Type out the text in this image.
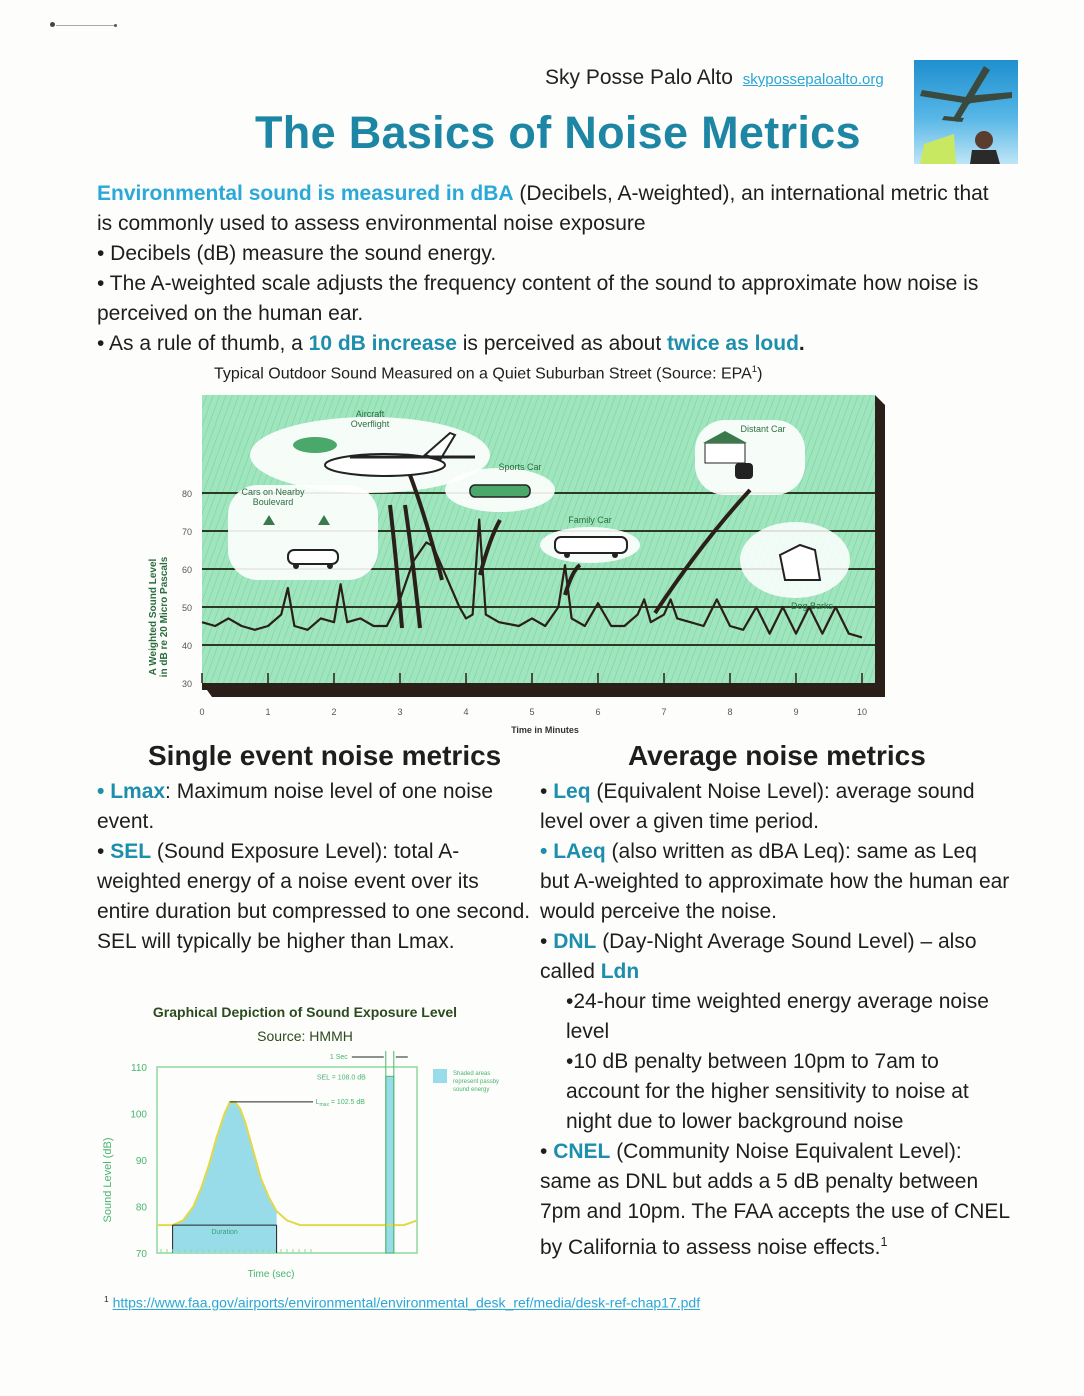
Sky Posse Palo Alto skypossepaloalto.org
The Basics of Noise Metrics

Environmental sound is measured in dBA (Decibels, A-weighted), an international metric that is commonly used to assess environmental noise exposure

• Decibels (dB) measure the sound energy.

• The A-weighted scale adjusts the frequency content of the sound to approximate how noise is perceived on the human ear.

• As a rule of thumb, a 10 dB increase is perceived as about twice as loud.

Typical Outdoor Sound Measured on a Quiet Suburban Street (Source: EPA$^1$)
30
40
50
60
70
80
0	1	2	3	4	5	6	7	8	9	10
A Weighted Sound Levelin dB re 20 Micro Pascals
Time in Minutes
Aircraft
Overflight
Cars on Nearby
Boulevard
Sports Car
Family Car
Distant Car
Dog Barks
Single event noise metrics	Average noise metrics

• Lmax: Maximum noise level of one noise event.

• SEL (Sound Exposure Level): total A-weighted energy of a noise event over its entire duration but compressed to one second. SEL will typically be higher than Lmax.

• Leq (Equivalent Noise Level): average sound level over a given time period.

• LAeq (also written as dBA Leq): same as Leq but A-weighted to approximate how the human ear would perceive the noise.

• DNL (Day-Night Average Sound Level) – also called Ldn

•24-hour time weighted energy average noise level

•10 dB penalty between 10pm to 7am to account for the higher sensitivity to noise at night due to lower background noise

• CNEL (Community Noise Equivalent Level): same as DNL but adds a 5 dB penalty between 7pm and 10pm. The FAA accepts the use of CNEL by California to assess noise effects.$^1$

Graphical Depiction of Sound Exposure Level
Source: HMMH
70
80
90
100
110
Sound Level (dB)
Time (sec)
Duration
$L_{max} = 102.5$ dB
SEL = 108.0 dB
1 Sec
Shaded areas
represent passby
sound energy
$^1$ https://www.faa.gov/airports/environmental/environmental_desk_ref/media/desk-ref-chap17.pdf
